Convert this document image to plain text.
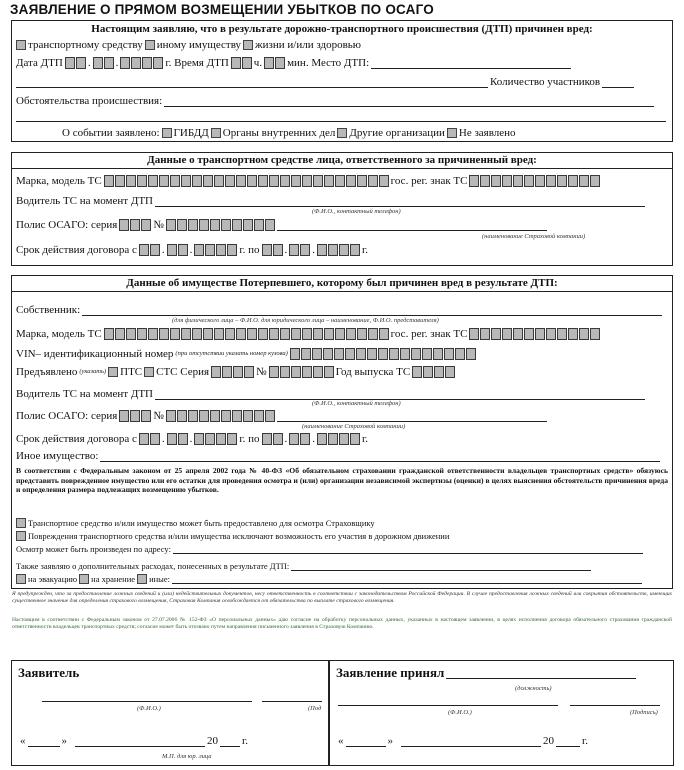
ЗАЯВЛЕНИЕ О ПРЯМОМ ВОЗМЕЩЕНИИ УБЫТКОВ ПО ОСАГО
Настоящим заявляю, что в результате дорожно-транспортного происшествия (ДТП) причинен вред:
транспортному средству иному имуществу жизни и/или здоровью
Дата ДТП . .	г. Время ДТП ч. мин. Место ДТП:
Количество участников
Обстоятельства происшествия:
О событии заявлено: ГИБДД Органы внутренних дел Другие организации Не заявлено
Данные о транспортном средстве лица, ответственного за причиненный вред:
Марка, модель ТС	гос. рег. знак ТС
Водитель ТС на момент ДТП
(Ф.И.О., контактный телефон)
Полис ОСАГО: серия	№
(наименование Страховой компании)
Срок действия договора с . .	г. по . .	г.
Данные об имуществе Потерпевшего, которому был причинен вред в результате ДТП:
Собственник:
(для физического лица – Ф.И.О. для юридического лица – наименование, Ф.И.О. представителя)
Марка, модель ТС	гос. рег. знак ТС
VIN– идентификационный номер (при отсутствии указать номер кузова)
Предъявлено (указать) ПТС СТС Серия	№	Год выпуска ТС
Водитель ТС на момент ДТП
(Ф.И.О., контактный телефон)
Полис ОСАГО: серия	№
(наименование Страховой компании)
Срок действия договора с . .	г. по . .	г.
Иное имущество:
В соответствии с Федеральным законом от 25 апреля 2002 года № 40-ФЗ «Об обязательном страховании гражданской ответственности владельцев транспортных средств» обязуюсь представить поврежденное имущество или его остатки для проведения осмотра и (или) организации независимой экспертизы (оценки) в целях выяснения обстоятельств причинения вреда и определения размера подлежащих возмещению убытков.
Транспортное средство и/или имущество может быть предоставлено для осмотра Страховщику
Повреждения транспортного средства и/или имущества исключают возможность его участия в дорожном движении
Осмотр может быть произведен по адресу:
Также заявляю о дополнительных расходах, понесенных в результате ДТП:
на эвакуацию на хранение иные:
Я предупрежден, что за предоставление ложных сведений и (или) недействительных документов, несу ответственность в соответствии с законодательством Российской Федерации. В случае предоставления ложных сведений или сокрытия обстоятельств, имеющих существенное значение для определения страхового возмещения, Страховая Компания освобождается от обязательства по выплате страхового возмещения.
Настоящим в соответствии с Федеральным законом от 27.07.2006 № 152-ФЗ «О персональных данных» даю согласие на обработку персональных данных, указанных в настоящем заявлении, в целях исполнения договора обязательного страхования гражданской ответственности владельцев транспортных средств; согласие может быть отозвано путем направления письменного заявления в Страховую Компанию.
Заявитель
(Ф.И.О.)	(Под
«	»	20 г.
М.П. для юр. лица
Заявление принял
(должность)
(Ф.И.О.)	(Подпись)
«	»	20	г.
